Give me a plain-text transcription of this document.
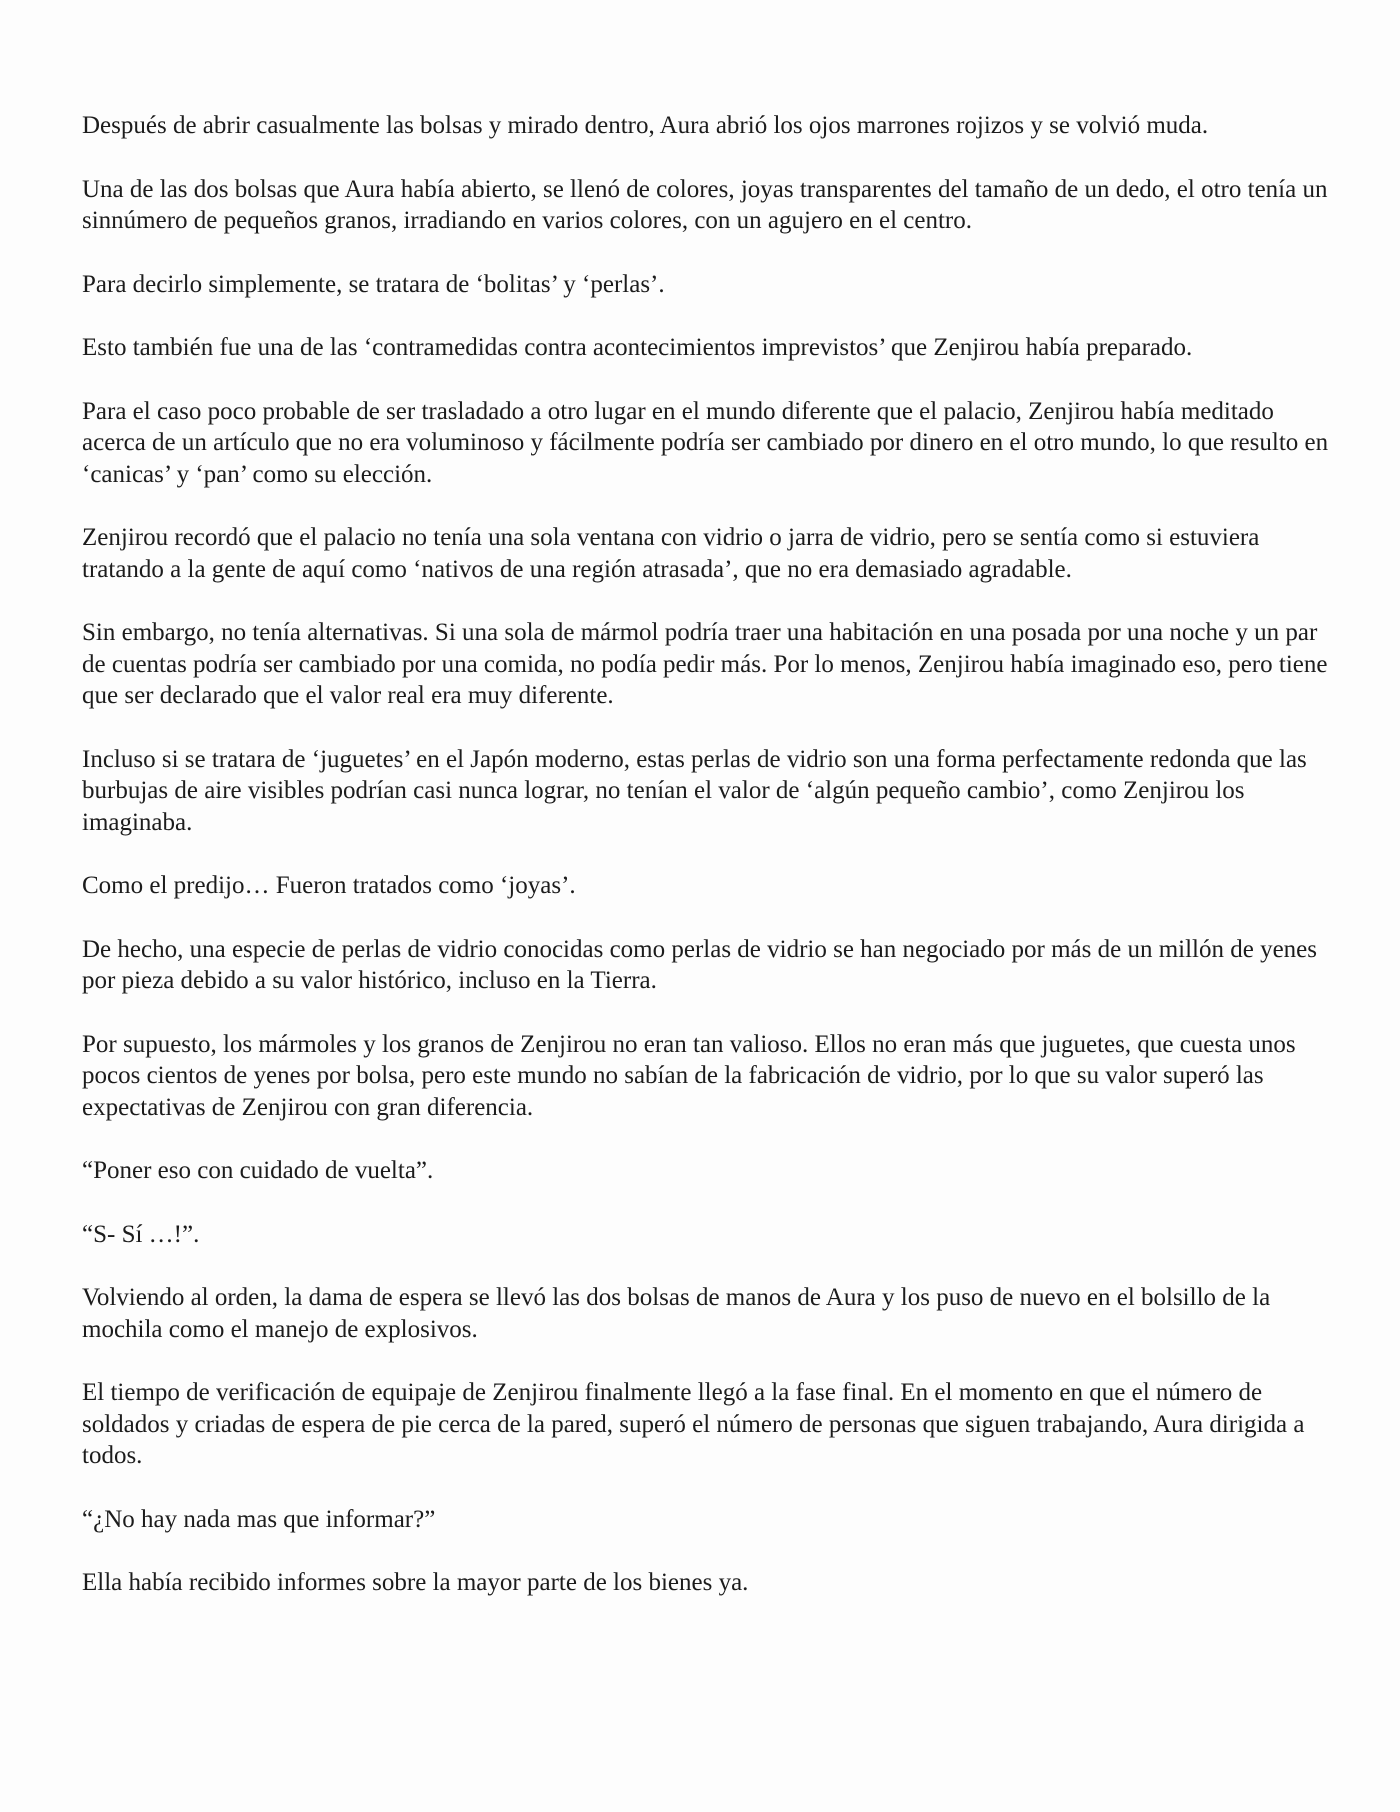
Después de abrir casualmente las bolsas y mirado dentro, Aura abrió los ojos marrones rojizos y se volvió muda.

Una de las dos bolsas que Aura había abierto, se llenó de colores, joyas transparentes del tamaño de un dedo, el otro tenía un sinnúmero de pequeños granos, irradiando en varios colores, con un agujero en el centro.

Para decirlo simplemente, se tratara de ‘bolitas’ y ‘perlas’.

Esto también fue una de las ‘contramedidas contra acontecimientos imprevistos’ que Zenjirou había preparado.

Para el caso poco probable de ser trasladado a otro lugar en el mundo diferente que el palacio, Zenjirou había meditado acerca de un artículo que no era voluminoso y fácilmente podría ser cambiado por dinero en el otro mundo, lo que resulto en ‘canicas’ y ‘pan’ como su elección.

Zenjirou recordó que el palacio no tenía una sola ventana con vidrio o jarra de vidrio, pero se sentía como si estuviera tratando a la gente de aquí como ‘nativos de una región atrasada’, que no era demasiado agradable.

Sin embargo, no tenía alternativas. Si una sola de mármol podría traer una habitación en una posada por una noche y un par de cuentas podría ser cambiado por una comida, no podía pedir más. Por lo menos, Zenjirou había imaginado eso, pero tiene que ser declarado que el valor real era muy diferente.

Incluso si se tratara de ‘juguetes’ en el Japón moderno, estas perlas de vidrio son una forma perfectamente redonda que las burbujas de aire visibles podrían casi nunca lograr, no tenían el valor de ‘algún pequeño cambio’, como Zenjirou los imaginaba.

Como el predijo… Fueron tratados como ‘joyas’.

De hecho, una especie de perlas de vidrio conocidas como perlas de vidrio se han negociado por más de un millón de yenes por pieza debido a su valor histórico, incluso en la Tierra.

Por supuesto, los mármoles y los granos de Zenjirou no eran tan valioso. Ellos no eran más que juguetes, que cuesta unos pocos cientos de yenes por bolsa, pero este mundo no sabían de la fabricación de vidrio, por lo que su valor superó las expectativas de Zenjirou con gran diferencia.

“Poner eso con cuidado de vuelta”.

“S- Sí …!”.

Volviendo al orden, la dama de espera se llevó las dos bolsas de manos de Aura y los puso de nuevo en el bolsillo de la mochila como el manejo de explosivos.

El tiempo de verificación de equipaje de Zenjirou finalmente llegó a la fase final. En el momento en que el número de soldados y criadas de espera de pie cerca de la pared, superó el número de personas que siguen trabajando, Aura dirigida a todos.

“¿No hay nada mas que informar?”

Ella había recibido informes sobre la mayor parte de los bienes ya.
